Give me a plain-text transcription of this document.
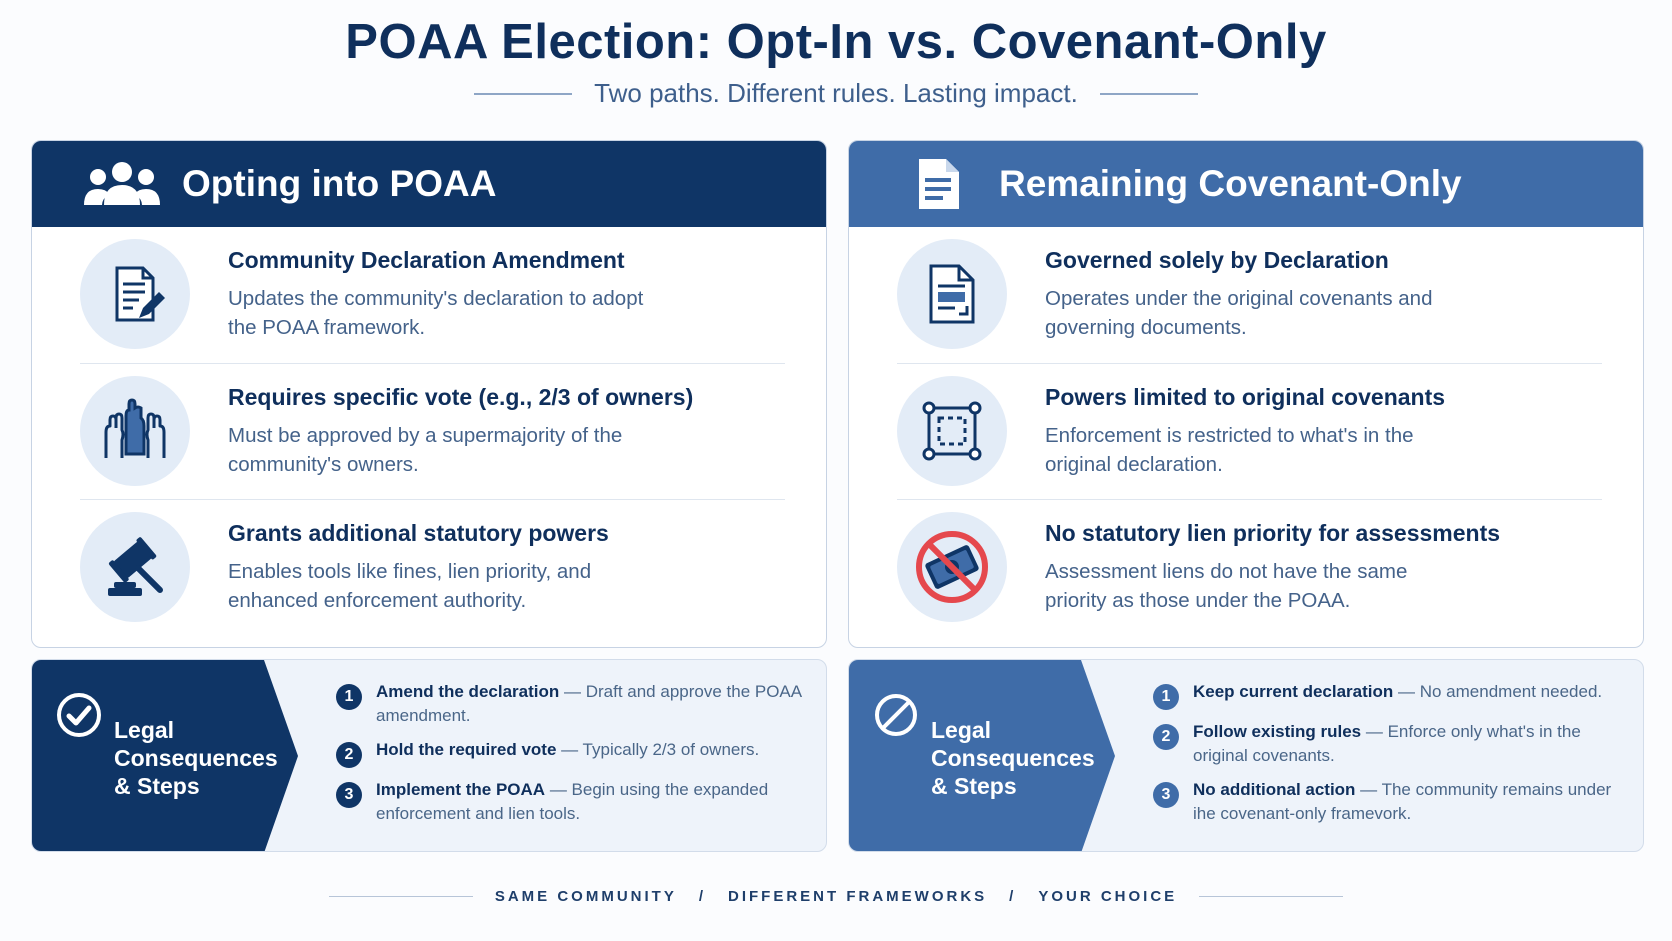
POAA Election: Opt-In vs. Covenant-Only
Two paths. Different rules. Lasting impact.
Opting into POAA
Community Declaration Amendment
Updates the community's declaration to adopt the POAA framework.
Requires specific vote (e.g., 2/3 of owners)
Must be approved by a supermajority of the community's owners.
Grants additional statutory powers
Enables tools like fines, lien priority, and enhanced enforcement authority.
Remaining Covenant-Only
Governed solely by Declaration
Operates under the original covenants and governing documents.
Powers limited to original covenants
Enforcement is restricted to what's in the original declaration.
No statutory lien priority for assessments
Assessment liens do not have the same priority as those under the POAA.
Legal
Consequences
& Steps
1	Amend the declaration — Draft and approve the POAA amendment.
2	Hold the required vote — Typically 2/3 of owners.
3	Implement the POAA — Begin using the expanded enforcement and lien tools.
Legal
Consequences
& Steps
1	Keep current declaration — No amendment needed.
2	Follow existing rules — Enforce only what's in the original covenants.
3	No additional action — The community remains under ihe covenant-only framevork.
SAME COMMUNITY / DIFFERENT FRAMEWORKS / YOUR CHOICE
